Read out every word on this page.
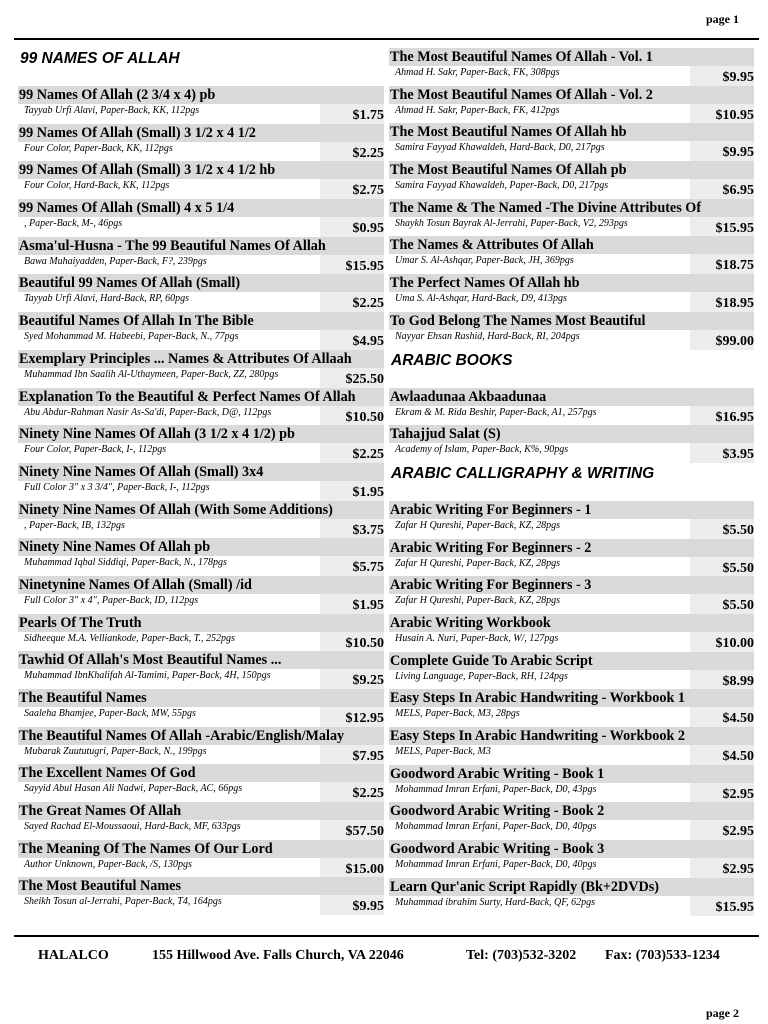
page 1
99 NAMES OF ALLAH
99 Names Of Allah (2 3/4 x 4) pb
Tayyab Urfi Alavi, Paper-Back, KK, 112pgs	$1.75
99 Names Of Allah (Small) 3 1/2 x 4 1/2
Four Color, Paper-Back, KK, 112pgs	$2.25
99 Names Of Allah (Small) 3 1/2 x 4 1/2 hb
Four Color, Hard-Back, KK, 112pgs	$2.75
99 Names Of Allah (Small) 4 x 5 1/4
, Paper-Back, M-, 46pgs	$0.95
Asma'ul-Husna - The 99 Beautiful Names Of Allah
Bawa Muhaiyadden, Paper-Back, F?, 239pgs	$15.95
Beautiful 99 Names Of Allah (Small)
Tayyab Urfi Alavi, Hard-Back, RP, 60pgs	$2.25
Beautiful Names Of Allah In The Bible
Syed Mohammad M. Habeebi, Paper-Back, N., 77pgs	$4.95
Exemplary Principles ... Names & Attributes Of Allaah
Muhammad Ibn Saalih Al-Uthaymeen, Paper-Back, ZZ, 280pgs	$25.50
Explanation To the Beautiful & Perfect Names Of Allah
Abu Abdur-Rahman Nasir As-Sa'di, Paper-Back, D@, 112pgs	$10.50
Ninety Nine Names Of Allah (3 1/2 x 4 1/2) pb
Four Color, Paper-Back, I-, 112pgs	$2.25
Ninety Nine Names Of Allah (Small) 3x4
Full Color 3" x 3 3/4", Paper-Back, I-, 112pgs	$1.95
Ninety Nine Names Of Allah (With Some Additions)
, Paper-Back, IB, 132pgs	$3.75
Ninety Nine Names Of Allah pb
Muhammad Iqbal Siddiqi, Paper-Back, N., 178pgs	$5.75
Ninetynine Names Of Allah (Small) /id
Full Color 3" x 4", Paper-Back, ID, 112pgs	$1.95
Pearls Of The Truth
Sidheeque M.A. Velliankode, Paper-Back, T., 252pgs	$10.50
Tawhid Of Allah's Most Beautiful Names ...
Muhammad IbnKhalifah Al-Tamimi, Paper-Back, 4H, 150pgs	$9.25
The Beautiful Names
Saaleha Bhamjee, Paper-Back, MW, 55pgs	$12.95
The Beautiful Names Of Allah -Arabic/English/Malay
Mubarak Zuututugri, Paper-Back, N., 199pgs	$7.95
The Excellent Names Of God
Sayyid Abul Hasan Ali Nadwi, Paper-Back, AC, 66pgs	$2.25
The Great Names Of Allah
Sayed Rachad El-Moussaoui, Hard-Back, MF, 633pgs	$57.50
The Meaning Of The Names Of Our Lord
Author Unknown, Paper-Back, /S, 130pgs	$15.00
The Most Beautiful Names
Sheikh Tosun al-Jerrahi, Paper-Back, T4, 164pgs	$9.95
The Most Beautiful Names Of Allah - Vol. 1
Ahmad H. Sakr, Paper-Back, FK, 308pgs	$9.95
The Most Beautiful Names Of Allah - Vol. 2
Ahmad H. Sakr, Paper-Back, FK, 412pgs	$10.95
The Most Beautiful Names Of Allah hb
Samira Fayyad Khawaldeh, Hard-Back, D0, 217pgs	$9.95
The Most Beautiful Names Of Allah pb
Samira Fayyad Khawaldeh, Paper-Back, D0, 217pgs	$6.95
The Name & The Named -The Divine Attributes Of
Shaykh Tosun Bayrak Al-Jerrahi, Paper-Back, V2, 293pgs	$15.95
The Names & Attributes Of Allah
Umar S. Al-Ashqar, Paper-Back, JH, 369pgs	$18.75
The Perfect Names Of Allah hb
Uma S. Al-Ashqar, Hard-Back, D9, 413pgs	$18.95
To God Belong The Names Most Beautiful
Nayyar Ehsan Rashid, Hard-Back, RI, 204pgs	$99.00
ARABIC BOOKS
Awlaadunaa Akbaadunaa
Ekram & M. Rida Beshir, Paper-Back, A1, 257pgs	$16.95
Tahajjud Salat (S)
Academy of Islam, Paper-Back, K%, 90pgs	$3.95
ARABIC CALLIGRAPHY & WRITING
Arabic Writing For Beginners - 1
Zafar H Qureshi, Paper-Back, KZ, 28pgs	$5.50
Arabic Writing For Beginners - 2
Zafar H Qureshi, Paper-Back, KZ, 28pgs	$5.50
Arabic Writing For Beginners - 3
Zafar H Qureshi, Paper-Back, KZ, 28pgs	$5.50
Arabic Writing Workbook
Husain A. Nuri, Paper-Back, W/, 127pgs	$10.00
Complete Guide To Arabic Script
Living Language, Paper-Back, RH, 124pgs	$8.99
Easy Steps In Arabic Handwriting - Workbook 1
MELS, Paper-Back, M3, 28pgs	$4.50
Easy Steps In Arabic Handwriting - Workbook 2
MELS, Paper-Back, M3	$4.50
Goodword Arabic Writing - Book 1
Mohammad Imran Erfani, Paper-Back, D0, 43pgs	$2.95
Goodword Arabic Writing - Book 2
Mohammad Imran Erfani, Paper-Back, D0, 40pgs	$2.95
Goodword Arabic Writing - Book 3
Mohammad Imran Erfani, Paper-Back, D0, 40pgs	$2.95
Learn Qur'anic Script Rapidly (Bk+2DVDs)
Muhammad ibrahim Surty, Hard-Back, QF, 62pgs	$15.95
HALALCO	155 Hillwood Ave. Falls Church, VA 22046	Tel: (703)532-3202 Fax: (703)533-1234
page 2
